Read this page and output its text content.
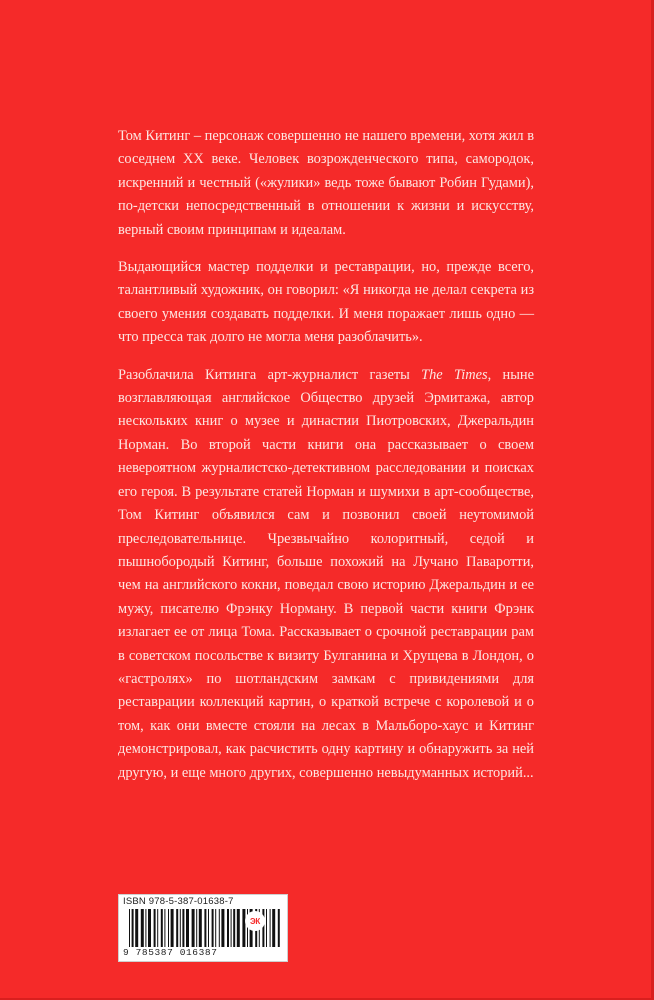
Том Китинг – персонаж совершенно не нашего времени, хотя жил в соседнем XX веке. Человек возрожденческого типа, самородок, искренний и честный («жулики» ведь тоже бывают Робин Гудами), по-детски непосредственный в отношении к жизни и искусству, верный своим принципам и идеалам.

Выдающийся мастер подделки и реставрации, но, прежде всего, талантливый художник, он говорил: «Я никогда не делал секрета из своего умения создавать подделки. И меня поражает лишь одно — что пресса так долго не могла меня разоблачить».

Разоблачила Китинга арт-журналист газеты The Times, ныне возглавляющая английское Общество друзей Эрмитажа, автор нескольких книг о музее и династии Пиотровских, Джеральдин Норман. Во второй части книги она рассказывает о своем невероятном журналистско-детективном расследовании и поисках его героя. В результате статей Норман и шумихи в арт-сообществе, Том Китинг объявился сам и позвонил своей неутомимой преследовательнице. Чрезвычайно колоритный, седой и пышнобородый Китинг, больше похожий на Лучано Паваротти, чем на английского кокни, поведал свою историю Джеральдин и ее мужу, писателю Фрэнку Норману. В первой части книги Фрэнк излагает ее от лица Тома. Рассказывает о срочной реставрации рам в советском посольстве к визиту Булганина и Хрущева в Лондон, о «гастролях» по шотландским замкам с привидениями для реставрации коллекций картин, о краткой встрече с королевой и о том, как они вместе стояли на лесах в Мальборо-хаус и Китинг демонстрировал, как расчистить одну картину и обнаружить за ней другую, и еще много других, совершенно невыдуманных историй...

ISBN 978-5-387-01638-7
9 785387 016387
ЭК
